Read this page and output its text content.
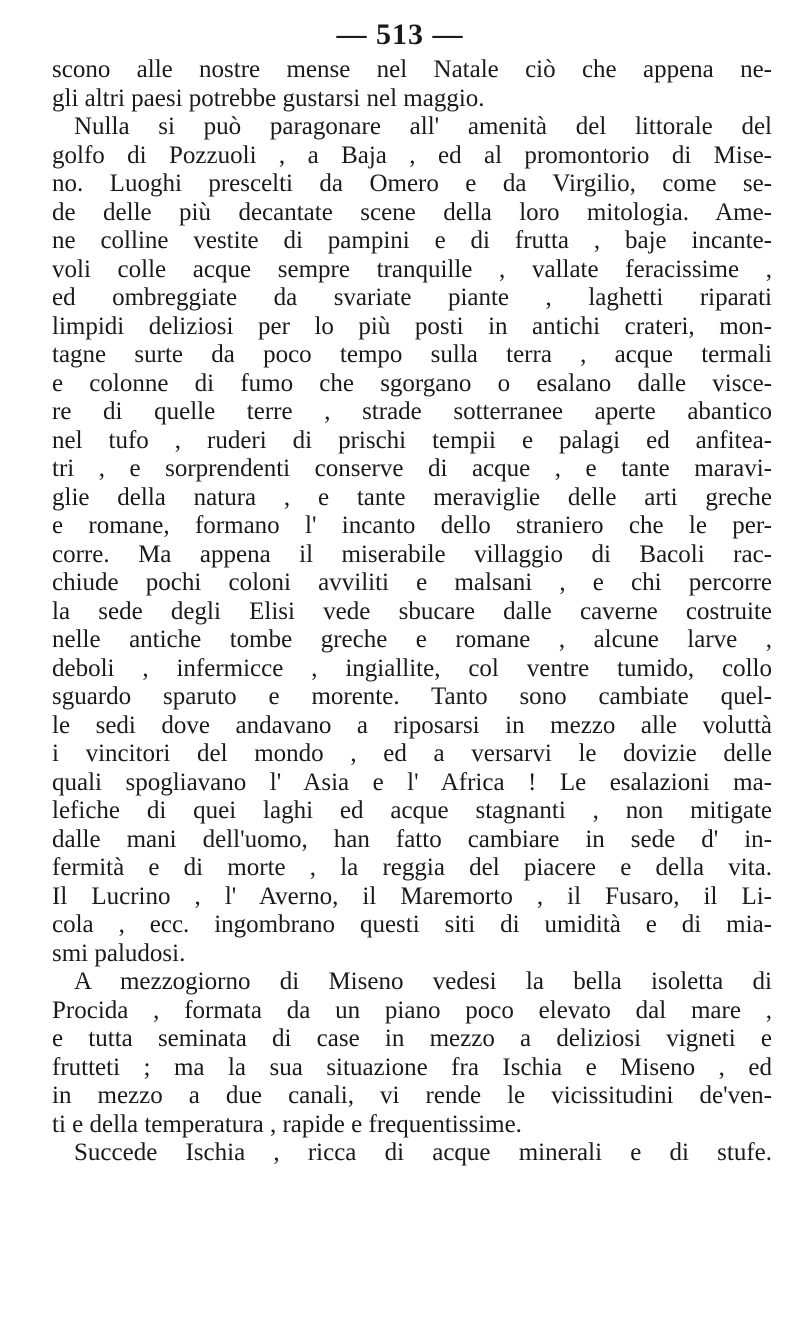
— 513 —
scono alle nostre mense nel Natale ciò che appena ne-
gli altri paesi potrebbe gustarsi nel maggio.
Nulla si può paragonare all' amenità del littorale del
golfo di Pozzuoli , a Baja , ed al promontorio di Mise-
no. Luoghi prescelti da Omero e da Virgilio, come se-
de delle più decantate scene della loro mitologia. Ame-
ne colline vestite di pampini e di frutta , baje incante-
voli colle acque sempre tranquille , vallate feracissime ,
ed ombreggiate da svariate piante , laghetti riparati
limpidi deliziosi per lo più posti in antichi crateri, mon-
tagne surte da poco tempo sulla terra , acque termali
e colonne di fumo che sgorgano o esalano dalle visce-
re di quelle terre , strade sotterranee aperte abantico
nel tufo , ruderi di prischi tempii e palagi ed anfitea-
tri , e sorprendenti conserve di acque , e tante maravi-
glie della natura , e tante meraviglie delle arti greche
e romane, formano l' incanto dello straniero che le per-
corre. Ma appena il miserabile villaggio di Bacoli rac-
chiude pochi coloni avviliti e malsani , e chi percorre
la sede degli Elisi vede sbucare dalle caverne costruite
nelle antiche tombe greche e romane , alcune larve ,
deboli , infermicce , ingiallite, col ventre tumido, collo
sguardo sparuto e morente. Tanto sono cambiate quel-
le sedi dove andavano a riposarsi in mezzo alle voluttà
i vincitori del mondo , ed a versarvi le dovizie delle
quali spogliavano l' Asia e l' Africa ! Le esalazioni ma-
lefiche di quei laghi ed acque stagnanti , non mitigate
dalle mani dell'uomo, han fatto cambiare in sede d' in-
fermità e di morte , la reggia del piacere e della vita.
Il Lucrino , l' Averno, il Maremorto , il Fusaro, il Li-
cola , ecc. ingombrano questi siti di umidità e di mia-
smi paludosi.
A mezzogiorno di Miseno vedesi la bella isoletta di
Procida , formata da un piano poco elevato dal mare ,
e tutta seminata di case in mezzo a deliziosi vigneti e
frutteti ; ma la sua situazione fra Ischia e Miseno , ed
in mezzo a due canali, vi rende le vicissitudini de'ven-
ti e della temperatura , rapide e frequentissime.
Succede Ischia , ricca di acque minerali e di stufe.
